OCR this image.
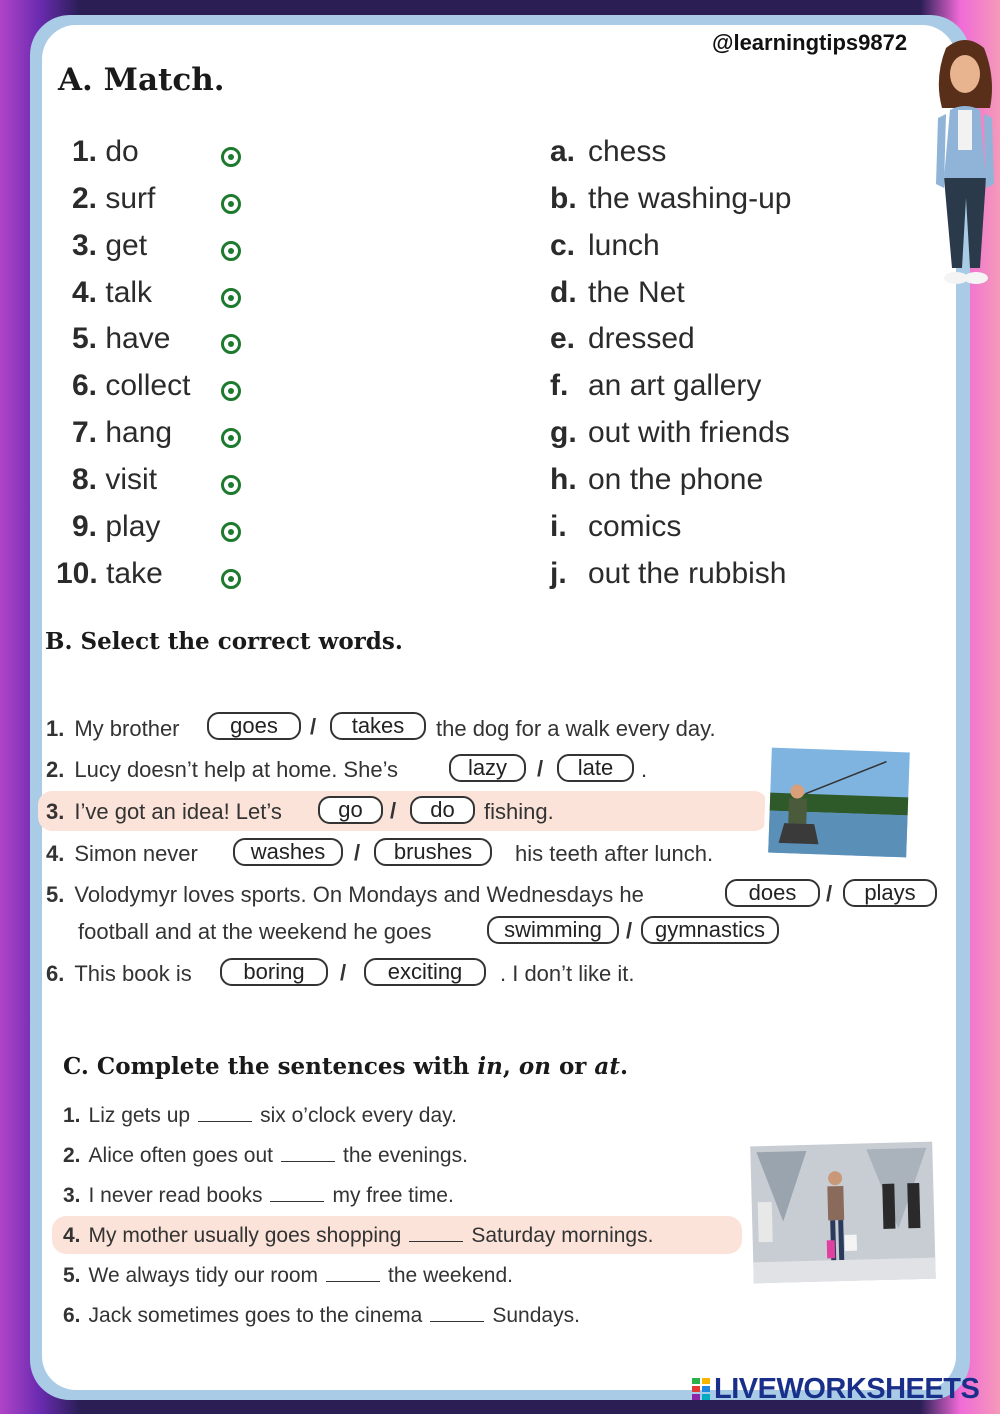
@learningtips9872
A. Match.
1. do
2. surf
3. get
4. talk
5. have
6. collect
7. hang
8. visit
9. play
10. take
a. chess
b. the washing-up
c. lunch
d. the Net
e. dressed
f. an art gallery
g. out with friends
h. on the phone
i. comics
j. out the rubbish
B. Select the correct words.
1. My brother	goes	/	takes	the dog for a walk every day.
2. Lucy doesn’t help at home. She’s	lazy	/	late	.
3. I’ve got an idea! Let’s	go	/	do	fishing.
4. Simon never	washes	/	brushes	his teeth after lunch.
5. Volodymyr loves sports. On Mondays and Wednesdays he	does	/	plays
football and at the weekend he goes	swimming	/	gymnastics
6. This book is	boring	/	exciting	. I don’t like it.
C. Complete the sentences with in, on or at.
1. Liz gets up	six o’clock every day.
2. Alice often goes out	the evenings.
3. I never read books	my free time.
4. My mother usually goes shopping	Saturday mornings.
5. We always tidy our room	the weekend.
6. Jack sometimes goes to the cinema	Sundays.
LIVEWORKSHEETS
